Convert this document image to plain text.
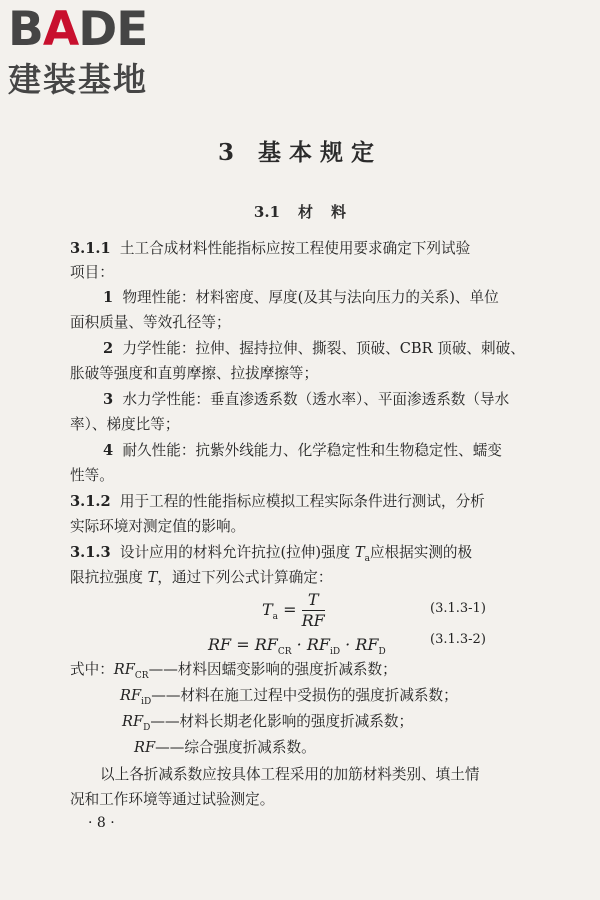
BADE
建装基地
3 基本规定
3.1 材 料
3.1.1 土工合成材料性能指标应按工程使用要求确定下列试验
项目：
1 物理性能：材料密度、厚度(及其与法向压力的关系)、单位
面积质量、等效孔径等；
2 力学性能：拉伸、握持拉伸、撕裂、顶破、CBR 顶破、刺破、
胀破等强度和直剪摩擦、拉拔摩擦等；
3 水力学性能：垂直渗透系数（透水率）、平面渗透系数（导水
率）、梯度比等；
4 耐久性能：抗紫外线能力、化学稳定性和生物稳定性、蠕变
性等。
3.1.2 用于工程的性能指标应模拟工程实际条件进行测试，分析
实际环境对测定值的影响。
3.1.3 设计应用的材料允许抗拉(拉伸)强度 $T_a$应根据实测的极
限抗拉强度 T，通过下列公式计算确定：
$T_a = \frac{T}{RF}$	(3.1.3-1)
RF = $RF_{CR} \cdot RF_{iD} \cdot RF_D$
(3.1.3-2)
式中：$RF_{CR}——$材料因蠕变影响的强度折减系数；
$RF_{iD}——$材料在施工过程中受损伤的强度折减系数；
$RF_D——$材料长期老化影响的强度折减系数；
RF——综合强度折减系数。
以上各折减系数应按具体工程采用的加筋材料类别、填土情
况和工作环境等通过试验测定。
· 8 ·
